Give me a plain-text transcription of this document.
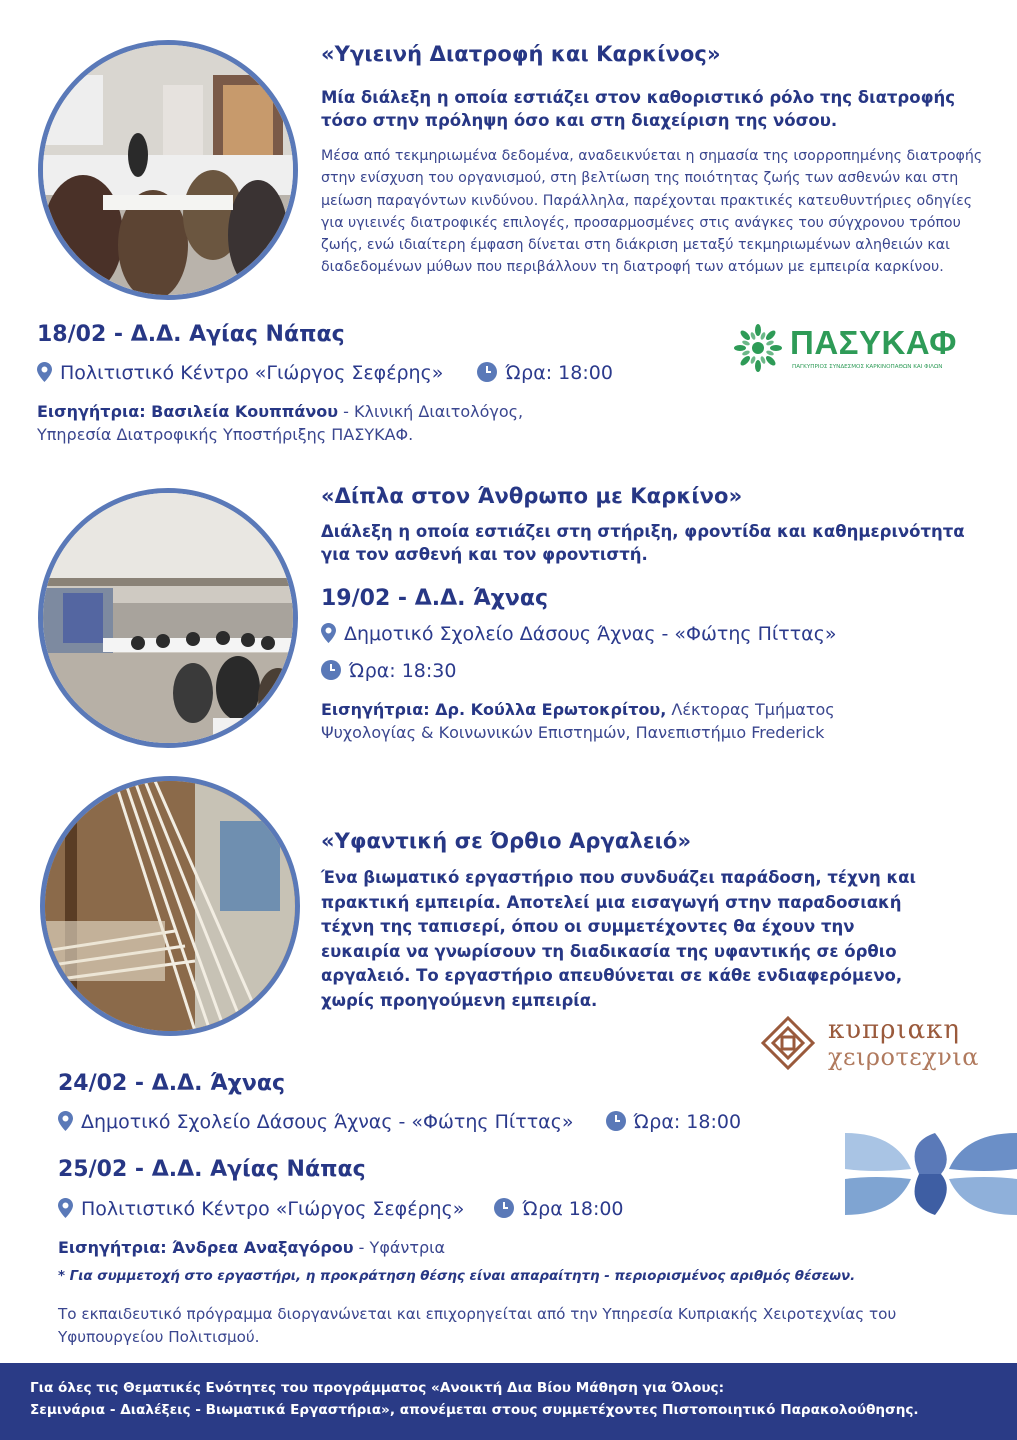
«Υγιεινή Διατροφή και Καρκίνος»
Μία διάλεξη η οποία εστιάζει στον καθοριστικό ρόλο της διατροφής τόσο στην πρόληψη όσο και στη διαχείριση της νόσου.
Μέσα από τεκμηριωμένα δεδομένα, αναδεικνύεται η σημασία της ισορροπημένης διατροφής στην ενίσχυση του οργανισμού, στη βελτίωση της ποιότητας ζωής των ασθενών και στη μείωση παραγόντων κινδύνου. Παράλληλα, παρέχονται πρακτικές κατευθυντήριες οδηγίες για υγιεινές διατροφικές επιλογές, προσαρμοσμένες στις ανάγκες του σύγχρονου τρόπου ζωής, ενώ ιδιαίτερη έμφαση δίνεται στη διάκριση μεταξύ τεκμηριωμένων αληθειών και διαδεδομένων μύθων που περιβάλλουν τη διατροφή των ατόμων με εμπειρία καρκίνου.
18/02 - Δ.Δ. Αγίας Νάπας
Πολιτιστικό Κέντρο «Γιώργος Σεφέρης»	Ώρα: 18:00
Εισηγήτρια: Βασιλεία Κουππάνου - Κλινική Διαιτολόγος,
Υπηρεσία Διατροφικής Υποστήριξης ΠΑΣΥΚΑΦ.
ΠΑΣΥΚΑΦ
ΠΑΓΚΥΠΡΙΟΣ ΣΥΝΔΕΣΜΟΣ ΚΑΡΚΙΝΟΠΑΘΩΝ ΚΑΙ ΦΙΛΩΝ
«Δίπλα στον Άνθρωπο με Καρκίνο»
Διάλεξη η οποία εστιάζει στη στήριξη, φροντίδα και καθημερινότητα για τον ασθενή και τον φροντιστή.
19/02 - Δ.Δ. Άχνας
Δημοτικό Σχολείο Δάσους Άχνας - «Φώτης Πίττας»
Ώρα: 18:30
Εισηγήτρια: Δρ. Κούλλα Ερωτοκρίτου, Λέκτορας Τμήματος
Ψυχολογίας & Κοινωνικών Επιστημών, Πανεπιστήμιο Frederick
«Υφαντική σε Όρθιο Αργαλειό»
Ένα βιωματικό εργαστήριο που συνδυάζει παράδοση, τέχνη και πρακτική εμπειρία. Αποτελεί μια εισαγωγή στην παραδοσιακή τέχνη της ταπισερί, όπου οι συμμετέχοντες θα έχουν την ευκαιρία να γνωρίσουν τη διαδικασία της υφαντικής σε όρθιο αργαλειό. Το εργαστήριο απευθύνεται σε κάθε ενδιαφερόμενο, χωρίς προηγούμενη εμπειρία.
κυπριακη
χειροτεχνια
24/02 - Δ.Δ. Άχνας
Δημοτικό Σχολείο Δάσους Άχνας - «Φώτης Πίττας»	Ώρα: 18:00
25/02 - Δ.Δ. Αγίας Νάπας
Πολιτιστικό Κέντρο «Γιώργος Σεφέρης»	Ώρα 18:00
Εισηγήτρια: Άνδρεα Αναξαγόρου - Υφάντρια
* Για συμμετοχή στο εργαστήρι, η προκράτηση θέσης είναι απαραίτητη - περιορισμένος αριθμός θέσεων.
Το εκπαιδευτικό πρόγραμμα διοργανώνεται και επιχορηγείται από την Υπηρεσία Κυπριακής Χειροτεχνίας του Υφυπουργείου Πολιτισμού.
Για όλες τις Θεματικές Ενότητες του προγράμματος «Ανοικτή Δια Βίου Μάθηση για Όλους:
Σεμινάρια - Διαλέξεις - Βιωματικά Εργαστήρια», απονέμεται στους συμμετέχοντες Πιστοποιητικό Παρακολούθησης.
